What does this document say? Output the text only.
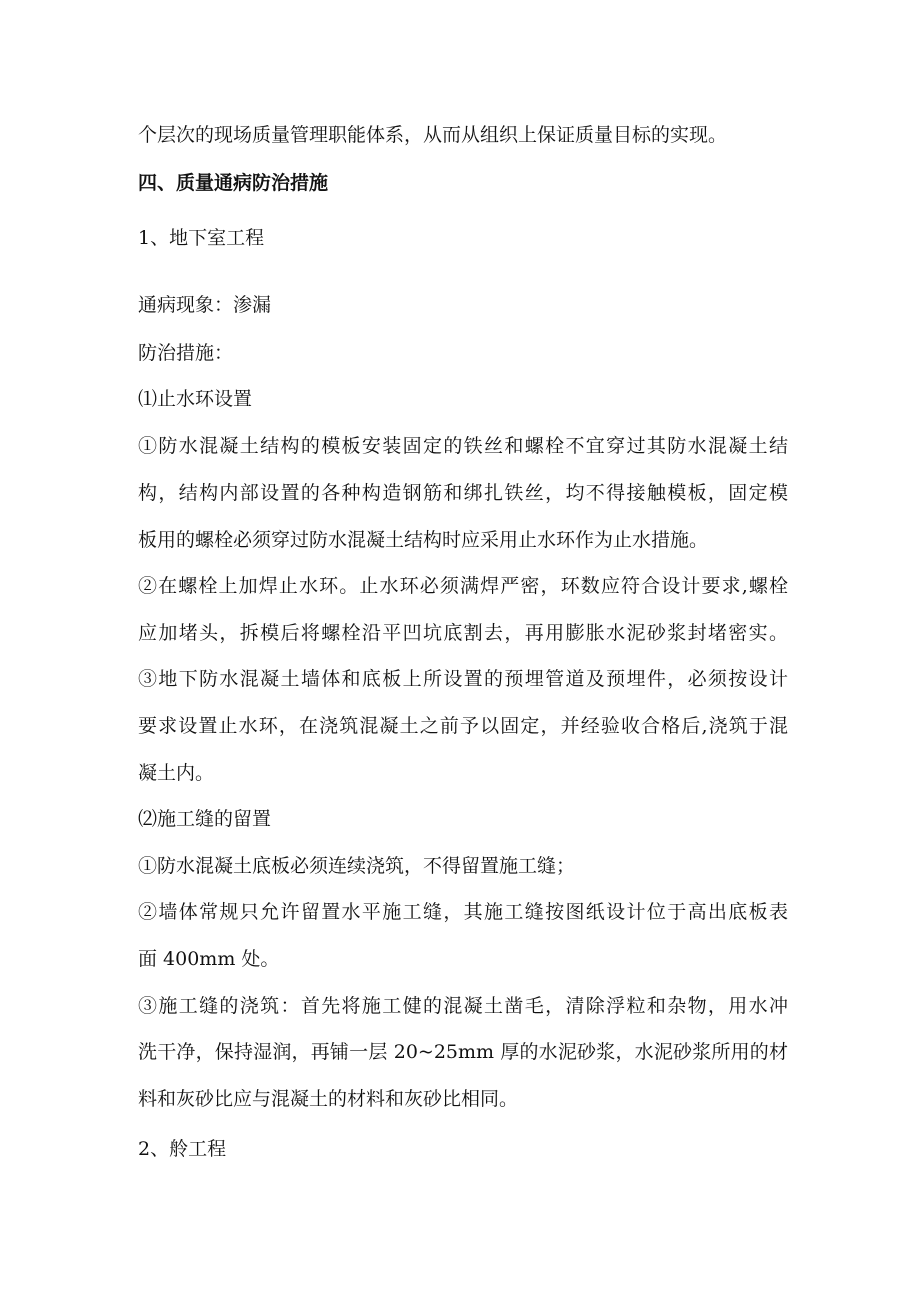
个层次的现场质量管理职能体系，从而从组织上保证质量目标的实现。
四、质量通病防治措施
1、地下室工程
通病现象：渗漏
防治措施：
⑴止水环设置
①防水混凝土结构的模板安装固定的铁丝和螺栓不宜穿过其防水混凝土结
构，结构内部设置的各种构造钢筋和绑扎铁丝，均不得接触模板，固定模
板用的螺栓必须穿过防水混凝土结构时应采用止水环作为止水措施。
②在螺栓上加焊止水环。止水环必须满焊严密，环数应符合设计要求,螺栓
应加堵头，拆模后将螺栓沿平凹坑底割去，再用膨胀水泥砂浆封堵密实。
③地下防水混凝土墙体和底板上所设置的预埋管道及预埋件，必须按设计
要求设置止水环，在浇筑混凝土之前予以固定，并经验收合格后,浇筑于混
凝土内。
⑵施工缝的留置
①防水混凝土底板必须连续浇筑，不得留置施工缝；
②墙体常规只允许留置水平施工缝，其施工缝按图纸设计位于高出底板表
面 400mm 处。
③施工缝的浇筑：首先将施工健的混凝土凿毛，清除浮粒和杂物，用水冲
洗干净，保持湿润，再铺一层 20~25mm 厚的水泥砂浆，水泥砂浆所用的材
料和灰砂比应与混凝土的材料和灰砂比相同。
2、舲工程
